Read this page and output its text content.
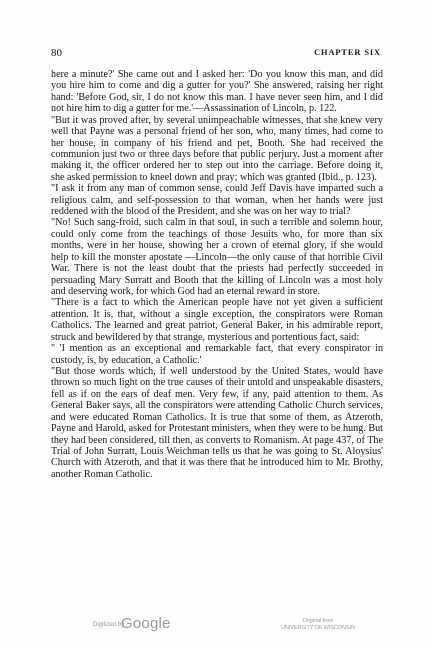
80	CHAPTER SIX

here a minute?' She came out and I asked her: 'Do you know this man, and did you hire him to come and dig a gutter for you?' She answered, raising her right hand: 'Before God, sir, I do not know this man. I have never seen him, and I did not hire him to dig a gutter for me.'—Assassination of Lincoln, p. 122.

"But it was proved after, by several unimpeachable witnesses, that she knew very well that Payne was a personal friend of her son, who, many times, had come to her house, in company of his friend and pet, Booth. She had received the communion just two or three days before that public perjury. Just a moment after making it, the officer ordered her to step out into the carriage. Before doing it, she asked permission to kneel down and pray; which was granted (Ibid., p. 123).

"I ask it from any man of common sense, could Jeff Davis have imparted such a religious calm, and self-possession to that woman, when her hands were just reddened with the blood of the President, and she was on her way to trial?

"No! Such sang-froid, such calm in that soul, in such a terrible and solemn hour, could only come from the teachings of those Jesuits who, for more than six months, were in her house, showing her a crown of eternal glory, if she would help to kill the monster apostate —Lincoln—the only cause of that horrible Civil War. There is not the least doubt that the priests had perfectly succeeded in persuading Mary Surratt and Booth that the killing of Lincoln was a most holy and deserving work, for which God had an eternal reward in store.

"There is a fact to which the American people have not yet given a sufficient attention. It is, that, without a single exception, the conspirators were Roman Catholics. The learned and great patriot, General Baker, in his admirable report, struck and bewildered by that strange, mysterious and portentious fact, said:

" 'I mention as an exceptional and remarkable fact, that every conspirator in custody, is, by education, a Catholic.'

"But those words which, if well understood by the United States, would have thrown so much light on the true causes of their untold and unspeakable disasters, fell as if on the ears of deaf men. Very few, if any, paid attention to them. As General Baker says, all the conspirators were attending Catholic Church services, and were educated Roman Catholics. It is true that some of them, as Atzeroth, Payne and Harold, asked for Protestant ministers, when they were to be hung. But they had been considered, till then, as converts to Romanism. At page 437, of The Trial of John Surratt, Louis Weichman tells us that he was going to St. Aloysius' Church with Atzeroth, and that it was there that he introduced him to Mr. Brothy, another Roman Catholic.

Digitized by
Google	Original from
UNIVERSITY OF WISCONSIN
